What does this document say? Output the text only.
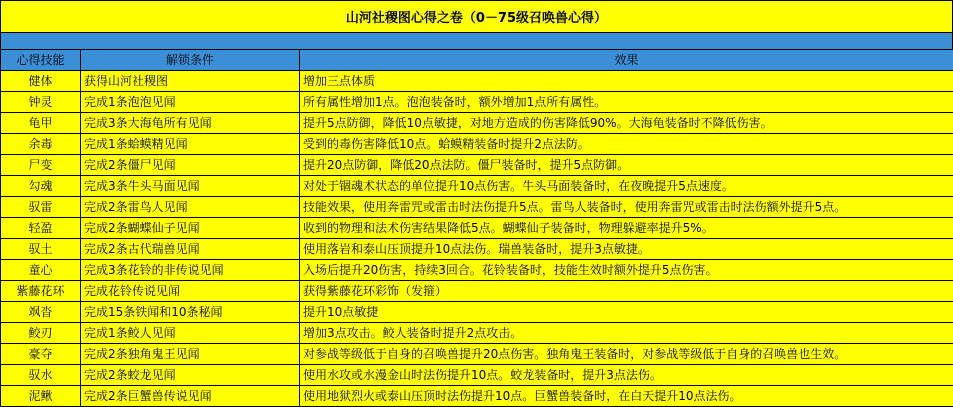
山河社稷图心得之卷（0－75级召唤兽心得）
心得技能	解锁条件	效果
健体	获得山河社稷图	增加三点体质
钟灵	完成1条泡泡见闻	所有属性增加1点。泡泡装备时，额外增加1点所有属性。
龟甲	完成3条大海龟所有见闻	提升5点防御，降低10点敏捷，对地方造成的伤害降低90%。大海龟装备时不降低伤害。
余毒	完成1条蛤蟆精见闻	受到的毒伤害降低10点。蛤蟆精装备时提升2点法防。
尸变	完成2条僵尸见闻	提升20点防御，降低20点法防。僵尸装备时，提升5点防御。
勾魂	完成3条牛头马面见闻	对处于锢魂术状态的单位提升10点伤害。牛头马面装备时，在夜晚提升5点速度。
驭雷	完成2条雷鸟人见闻	技能效果，使用奔雷咒或雷击时法伤提升5点。雷鸟人装备时，使用奔雷咒或雷击时法伤额外提升5点。
轻盈	完成2条蝴蝶仙子见闻	收到的物理和法术伤害结果降低5点。蝴蝶仙子装备时，物理躲避率提升5%。
驭土	完成2条古代瑞兽见闻	使用落岩和泰山压顶提升10点法伤。瑞兽装备时，提升3点敏捷。
童心	完成3条花铃的非传说见闻	入场后提升20伤害，持续3回合。花铃装备时，技能生效时额外提升5点伤害。
紫藤花环	完成花铃传说见闻	获得紫藤花环彩饰（发箍）
飒沓	完成15条铁闻和10条秘闻	提升10点敏捷
鲛刃	完成1条鲛人见闻	增加3点攻击。鲛人装备时提升2点攻击。
豪夺	完成2条独角鬼王见闻	对参战等级低于自身的召唤兽提升20点伤害。独角鬼王装备时，对参战等级低于自身的召唤兽也生效。
驭水	完成2条蛟龙见闻	使用水攻或水漫金山时法伤提升10点。蛟龙装备时，提升3点法伤。
泥鳅	完成2条巨蟹兽传说见闻	使用地狱烈火或泰山压顶时法伤提升10点。巨蟹兽装备时，在白天提升10点法伤。
